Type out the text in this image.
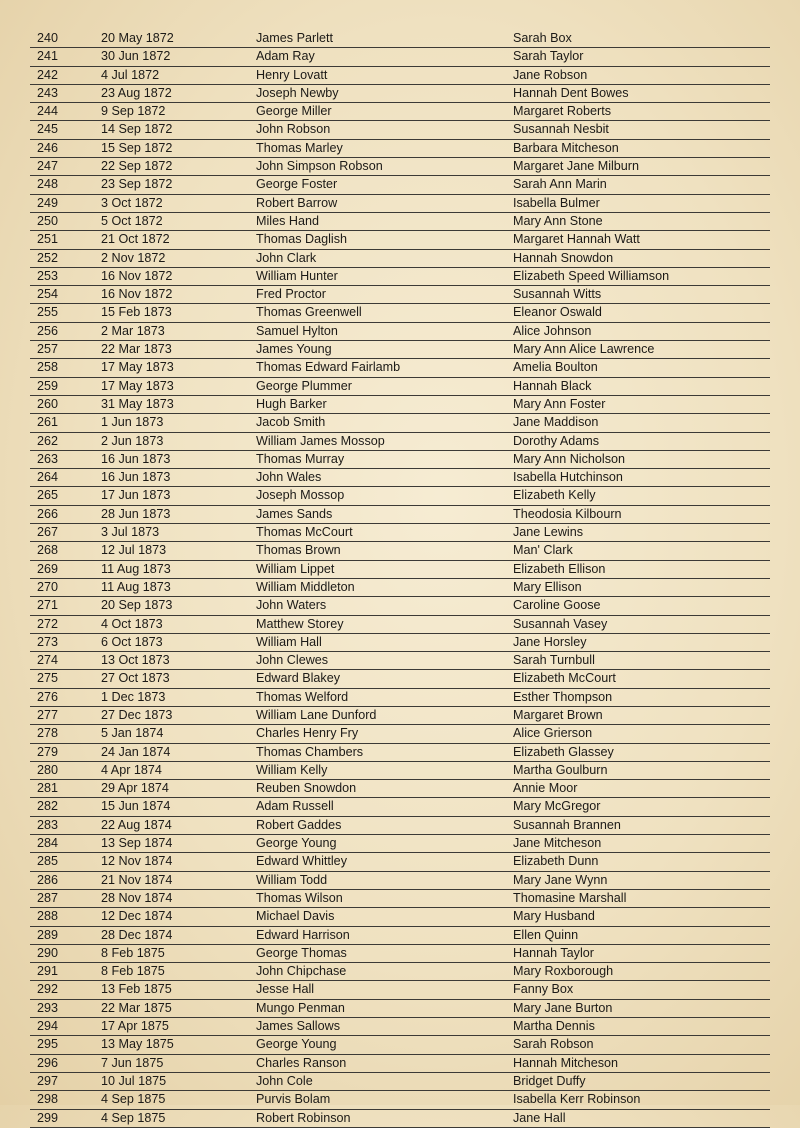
240	20 May 1872	James Parlett	Sarah Box
241	30 Jun 1872	Adam Ray	Sarah Taylor
242	4 Jul 1872	Henry Lovatt	Jane Robson
243	23 Aug 1872	Joseph Newby	Hannah Dent Bowes
244	9 Sep 1872	George Miller	Margaret Roberts
245	14 Sep 1872	John Robson	Susannah Nesbit
246	15 Sep 1872	Thomas Marley	Barbara Mitcheson
247	22 Sep 1872	John Simpson Robson	Margaret Jane Milburn
248	23 Sep 1872	George Foster	Sarah Ann Marin
249	3 Oct 1872	Robert Barrow	Isabella Bulmer
250	5 Oct 1872	Miles Hand	Mary Ann Stone
251	21 Oct 1872	Thomas Daglish	Margaret Hannah Watt
252	2 Nov 1872	John Clark	Hannah Snowdon
253	16 Nov 1872	William Hunter	Elizabeth Speed Williamson
254	16 Nov 1872	Fred Proctor	Susannah Witts
255	15 Feb 1873	Thomas Greenwell	Eleanor Oswald
256	2 Mar 1873	Samuel Hylton	Alice Johnson
257	22 Mar 1873	James Young	Mary Ann Alice Lawrence
258	17 May 1873	Thomas Edward Fairlamb	Amelia Boulton
259	17 May 1873	George Plummer	Hannah Black
260	31 May 1873	Hugh Barker	Mary Ann Foster
261	1 Jun 1873	Jacob Smith	Jane Maddison
262	2 Jun 1873	William James Mossop	Dorothy Adams
263	16 Jun 1873	Thomas Murray	Mary Ann Nicholson
264	16 Jun 1873	John Wales	Isabella Hutchinson
265	17 Jun 1873	Joseph Mossop	Elizabeth Kelly
266	28 Jun 1873	James Sands	Theodosia Kilbourn
267	3 Jul 1873	Thomas McCourt	Jane Lewins
268	12 Jul 1873	Thomas Brown	Man' Clark
269	11 Aug 1873	William Lippet	Elizabeth Ellison
270	11 Aug 1873	William Middleton	Mary Ellison
271	20 Sep 1873	John Waters	Caroline Goose
272	4 Oct 1873	Matthew Storey	Susannah Vasey
273	6 Oct 1873	William Hall	Jane Horsley
274	13 Oct 1873	John Clewes	Sarah Turnbull
275	27 Oct 1873	Edward Blakey	Elizabeth McCourt
276	1 Dec 1873	Thomas Welford	Esther Thompson
277	27 Dec 1873	William Lane Dunford	Margaret Brown
278	5 Jan 1874	Charles Henry Fry	Alice Grierson
279	24 Jan 1874	Thomas Chambers	Elizabeth Glassey
280	4 Apr 1874	William Kelly	Martha Goulburn
281	29 Apr 1874	Reuben Snowdon	Annie Moor
282	15 Jun 1874	Adam Russell	Mary McGregor
283	22 Aug 1874	Robert Gaddes	Susannah Brannen
284	13 Sep 1874	George Young	Jane Mitcheson
285	12 Nov 1874	Edward Whittley	Elizabeth Dunn
286	21 Nov 1874	William Todd	Mary Jane Wynn
287	28 Nov 1874	Thomas Wilson	Thomasine Marshall
288	12 Dec 1874	Michael Davis	Mary Husband
289	28 Dec 1874	Edward Harrison	Ellen Quinn
290	8 Feb 1875	George Thomas	Hannah Taylor
291	8 Feb 1875	John Chipchase	Mary Roxborough
292	13 Feb 1875	Jesse Hall	Fanny Box
293	22 Mar 1875	Mungo Penman	Mary Jane Burton
294	17 Apr 1875	James Sallows	Martha Dennis
295	13 May 1875	George Young	Sarah Robson
296	7 Jun 1875	Charles Ranson	Hannah Mitcheson
297	10 Jul 1875	John Cole	Bridget Duffy
298	4 Sep 1875	Purvis Bolam	Isabella Kerr Robinson
299	4 Sep 1875	Robert Robinson	Jane Hall
